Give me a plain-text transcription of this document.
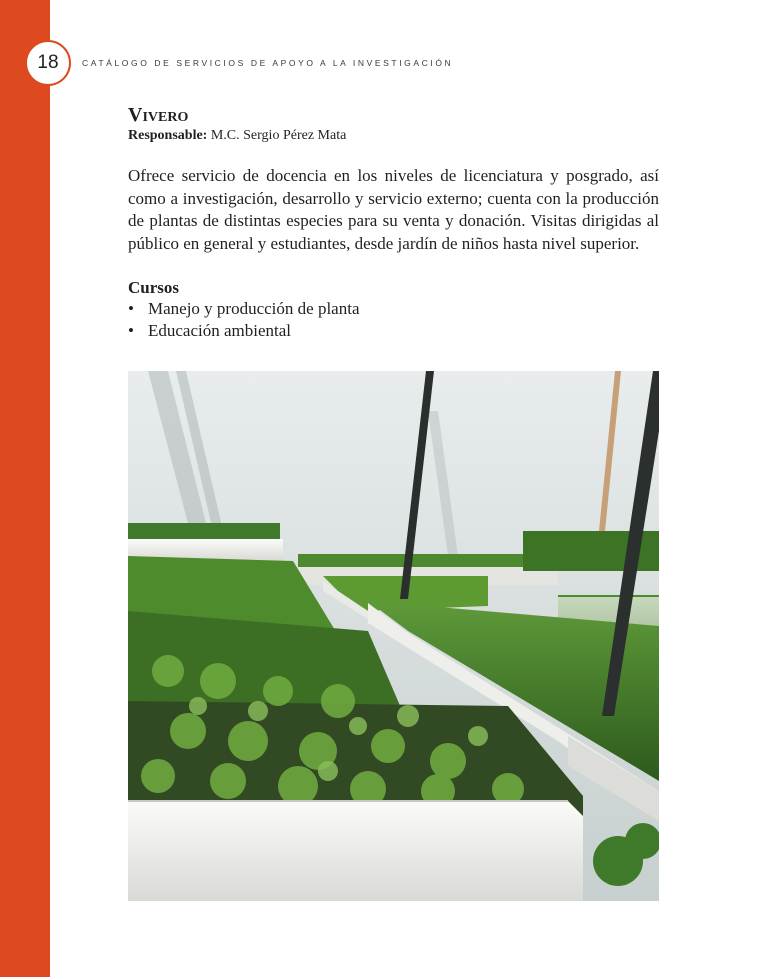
18	CATÁLOGO DE SERVICIOS DE APOYO A LA INVESTIGACIÓN
Vivero
Responsable: M.C. Sergio Pérez Mata

Ofrece servicio de docencia en los niveles de licenciatura y posgrado, así como a investigación, desarrollo y servicio externo; cuenta con la producción de plantas de distintas especies para su venta y donación. Visitas dirigidas al público en general y estudiantes, desde jardín de niños hasta nivel superior.

Cursos
• Manejo y producción de planta
• Educación ambiental
